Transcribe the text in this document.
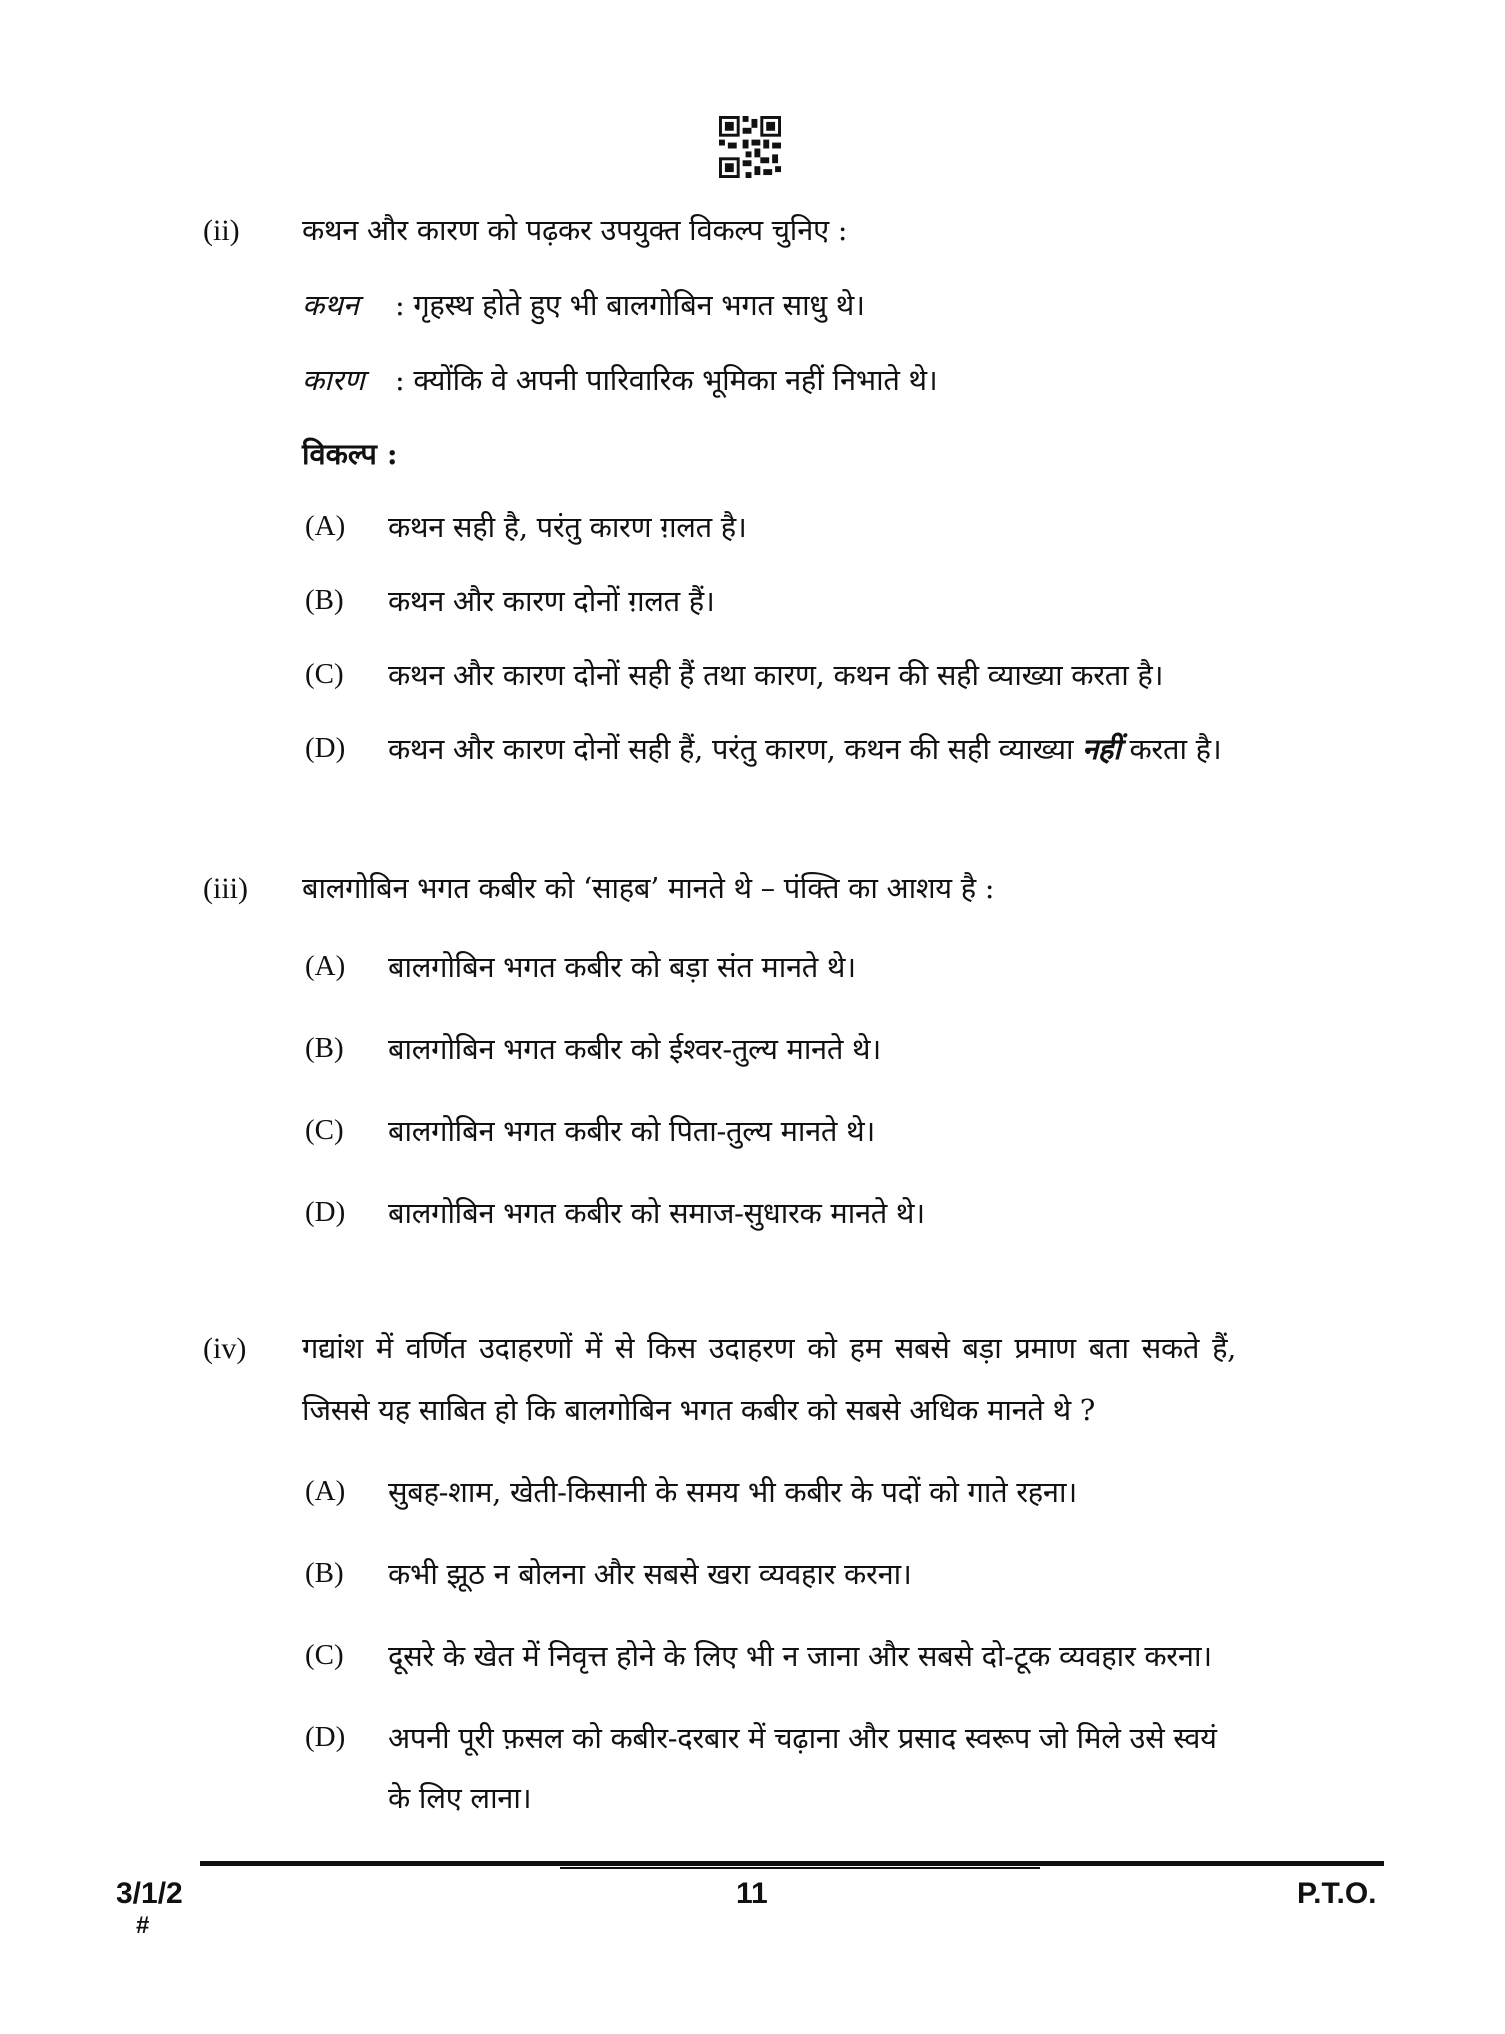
(ii) कथन और कारण को पढ़कर उपयुक्त विकल्प चुनिए :
कथन : गृहस्थ होते हुए भी बालगोबिन भगत साधु थे।
कारण : क्योंकि वे अपनी पारिवारिक भूमिका नहीं निभाते थे।
विकल्प :
(A) कथन सही है, परंतु कारण ग़लत है।
(B) कथन और कारण दोनों ग़लत हैं।
(C) कथन और कारण दोनों सही हैं तथा कारण, कथन की सही व्याख्या करता है।
(D) कथन और कारण दोनों सही हैं, परंतु कारण, कथन की सही व्याख्या नहीं करता है।
(iii) बालगोबिन भगत कबीर को ‘साहब’ मानते थे – पंक्ति का आशय है :
(A) बालगोबिन भगत कबीर को बड़ा संत मानते थे।
(B) बालगोबिन भगत कबीर को ईश्वर-तुल्य मानते थे।
(C) बालगोबिन भगत कबीर को पिता-तुल्य मानते थे।
(D) बालगोबिन भगत कबीर को समाज-सुधारक मानते थे।
(iv) गद्यांश में वर्णित उदाहरणों में से किस उदाहरण को हम सबसे बड़ा प्रमाण बता सकते हैं,
जिससे यह साबित हो कि बालगोबिन भगत कबीर को सबसे अधिक मानते थे ?
(A) सुबह-शाम, खेती-किसानी के समय भी कबीर के पदों को गाते रहना।
(B) कभी झूठ न बोलना और सबसे खरा व्यवहार करना।
(C) दूसरे के खेत में निवृत्त होने के लिए भी न जाना और सबसे दो-टूक व्यवहार करना।
(D) अपनी पूरी फ़सल को कबीर-दरबार में चढ़ाना और प्रसाद स्वरूप जो मिले उसे स्वयं
के लिए लाना।
3/1/2
#
11	P.T.O.
